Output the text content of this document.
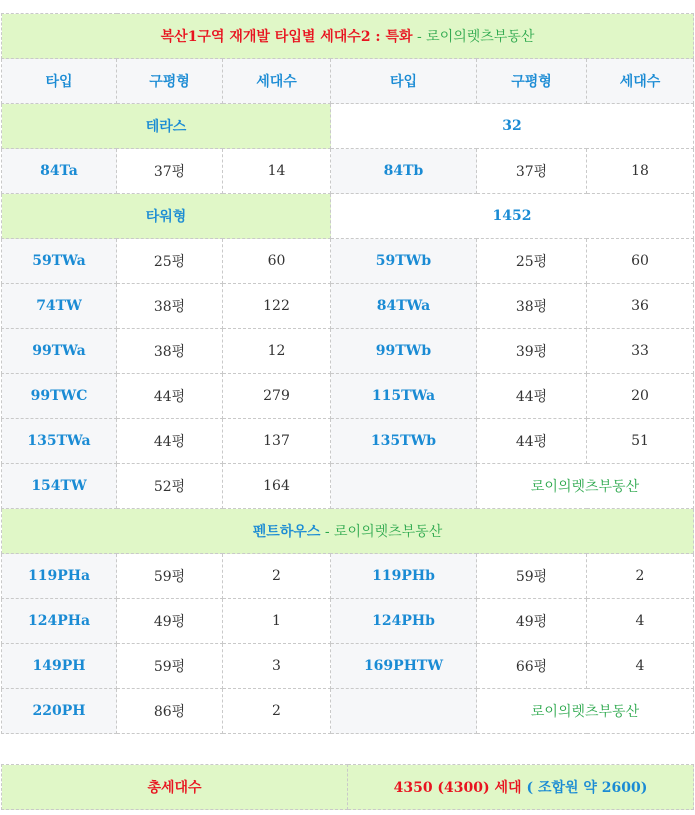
복산1구역 재개발 타입별 세대수2 : 특화 - 로이의렛츠부동산					
타입	구평형	세대수	타입	구평형	세대수
테라스			32		
84Ta	37평	14	84Tb	37평	18
타워형			1452		
59TWa	25평	60	59TWb	25평	60
74TW	38평	122	84TWa	38평	36
99TWa	38평	12	99TWb	39평	33
99TWC	44평	279	115TWa	44평	20
135TWa	44평	137	135TWb	44평	51
154TW	52평	164		로이의렛츠부동산	
펜트하우스 - 로이의렛츠부동산					
119PHa	59평	2	119PHb	59평	2
124PHa	49평	1	124PHb	49평	4
149PH	59평	3	169PHTW	66평	4
220PH	86평	2		로이의렛츠부동산	
총세대수	4350 (4300) 세대 ( 조합원 약 2600)
